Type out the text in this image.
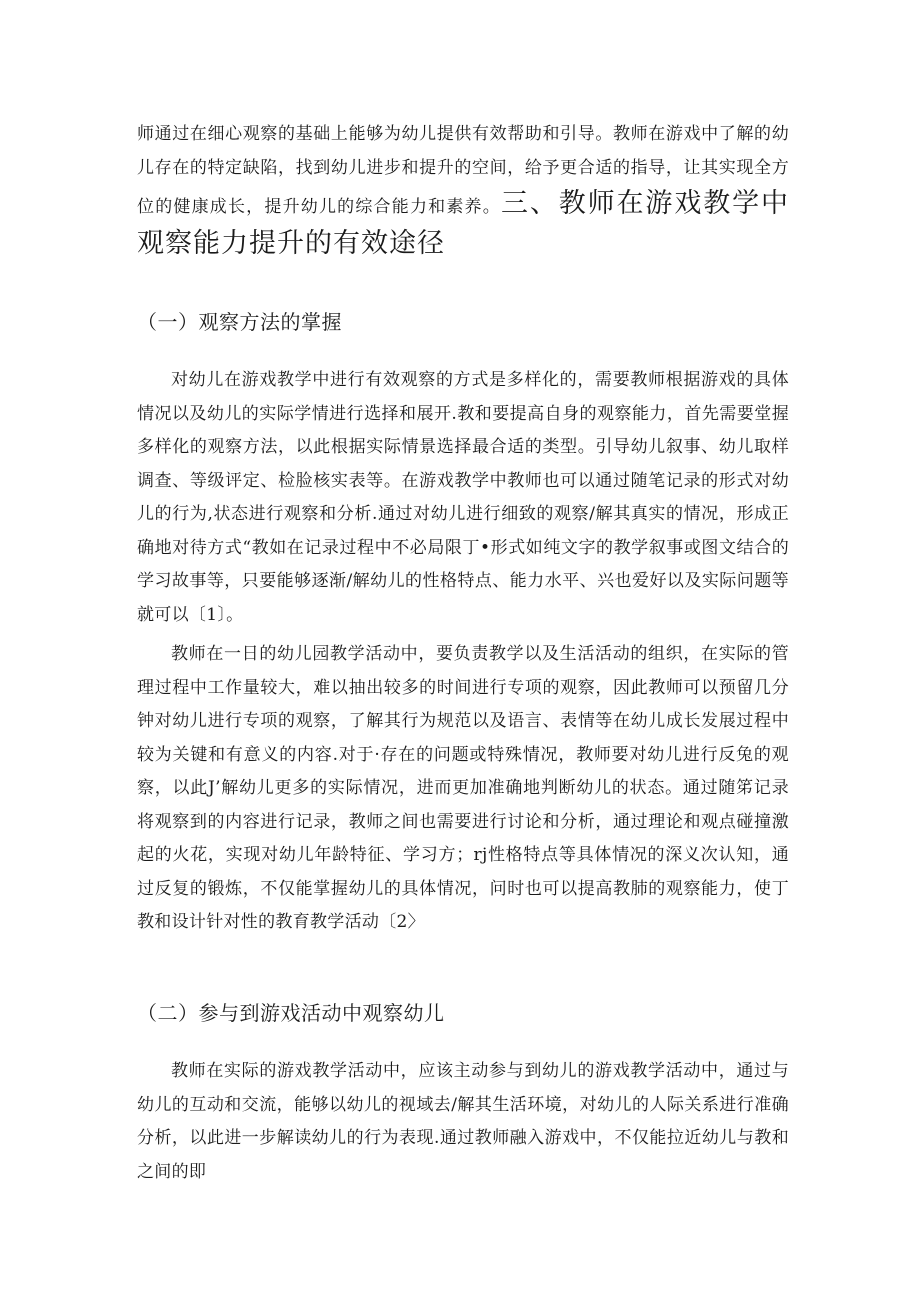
师通过在细心观察的基础上能够为幼儿提供有效帮助和引导。教师在游戏中了解的幼儿存在的特定缺陷，找到幼儿进步和提升的空间，给予更合适的指导，让其实现全方位的健康成长，提升幼儿的综合能力和素养。三、教师在游戏教学中观察能力提升的有效途径

（一）观察方法的掌握

对幼儿在游戏教学中进行有效观察的方式是多样化的，需要教师根据游戏的具体情况以及幼儿的实际学情进行选择和展开.教和要提高自身的观察能力，首先需要堂握多样化的观察方法，以此根据实际情景选择最合适的类型。引导幼儿叙事、幼儿取样调查、等级评定、检脸核实表等。在游戏教学中教师也可以通过随笔记录的形式对幼儿的行为,状态进行观察和分析.通过对幼儿进行细致的观察/解其真实的情况，形成正确地对待方式“教如在记录过程中不必局限丁•形式如纯文字的教学叙事或图文结合的学习故事等，只要能够逐渐/解幼儿的性格特点、能力水平、兴也爱好以及实际问题等就可以〔1〕。

教师在一日的幼儿园教学活动中，要负责教学以及生活活动的组织，在实际的管理过程中工作量较大，难以抽出较多的时间进行专项的观察，因此教师可以预留几分钟对幼儿进行专项的观察，了解其行为规范以及语言、表情等在幼儿成长发展过程中较为关键和有意义的内容.对于·存在的问题或特殊情况，教师要对幼儿进行反兔的观察，以此J’解幼儿更多的实际情况，进而更加准确地判断幼儿的状态。通过随笫记录将观察到的内容进行记录，教师之间也需要进行讨论和分析，通过理论和观点碰撞激起的火花，实现对幼儿年龄特征、学习方；rj性格特点等具体情况的深义次认知，通过反复的锻炼，不仅能掌握幼儿的具体情况，问时也可以提高教肺的观察能力，使丁教和设计针对性的教育教学活动〔2〉

（二）参与到游戏活动中观察幼儿

教师在实际的游戏教学活动中，应该主动参与到幼儿的游戏教学活动中，通过与幼儿的互动和交流，能够以幼儿的视域去/解其生活环境，对幼儿的人际关系进行准确分析，以此进一步解读幼儿的行为表现.通过教师融入游戏中，不仅能拉近幼儿与教和之间的即
